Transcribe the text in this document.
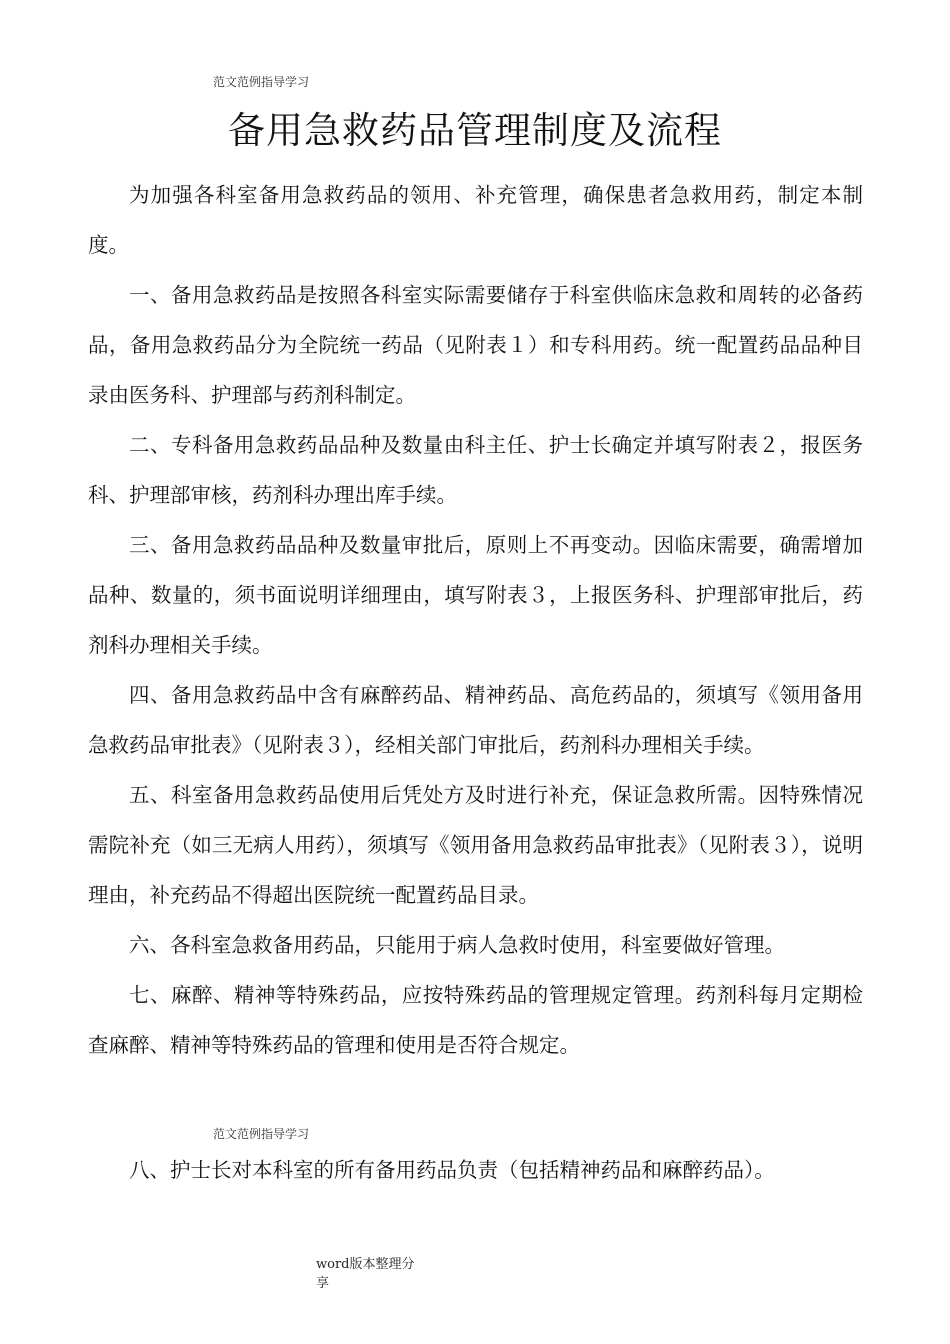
范文范例指导学习
备用急救药品管理制度及流程

为加强各科室备用急救药品的领用、补充管理，确保患者急救用药，制定本制度。

一、备用急救药品是按照各科室实际需要储存于科室供临床急救和周转的必备药品，备用急救药品分为全院统一药品（见附表１）和专科用药。统一配置药品品种目录由医务科、护理部与药剂科制定。

二、专科备用急救药品品种及数量由科主任、护士长确定并填写附表２，报医务科、护理部审核，药剂科办理出库手续。

三、备用急救药品品种及数量审批后，原则上不再变动。因临床需要，确需增加品种、数量的，须书面说明详细理由，填写附表３，上报医务科、护理部审批后，药剂科办理相关手续。

四、备用急救药品中含有麻醉药品、精神药品、高危药品的，须填写《领用备用急救药品审批表》（见附表３），经相关部门审批后，药剂科办理相关手续。

五、科室备用急救药品使用后凭处方及时进行补充，保证急救所需。因特殊情况需院补充（如三无病人用药），须填写《领用备用急救药品审批表》（见附表３），说明理由，补充药品不得超出医院统一配置药品目录。

六、各科室急救备用药品，只能用于病人急救时使用，科室要做好管理。

七、麻醉、精神等特殊药品，应按特殊药品的管理规定管理。药剂科每月定期检查麻醉、精神等特殊药品的管理和使用是否符合规定。

范文范例指导学习

八、护士长对本科室的所有备用药品负责（包括精神药品和麻醉药品）。

word版本整理分
享
